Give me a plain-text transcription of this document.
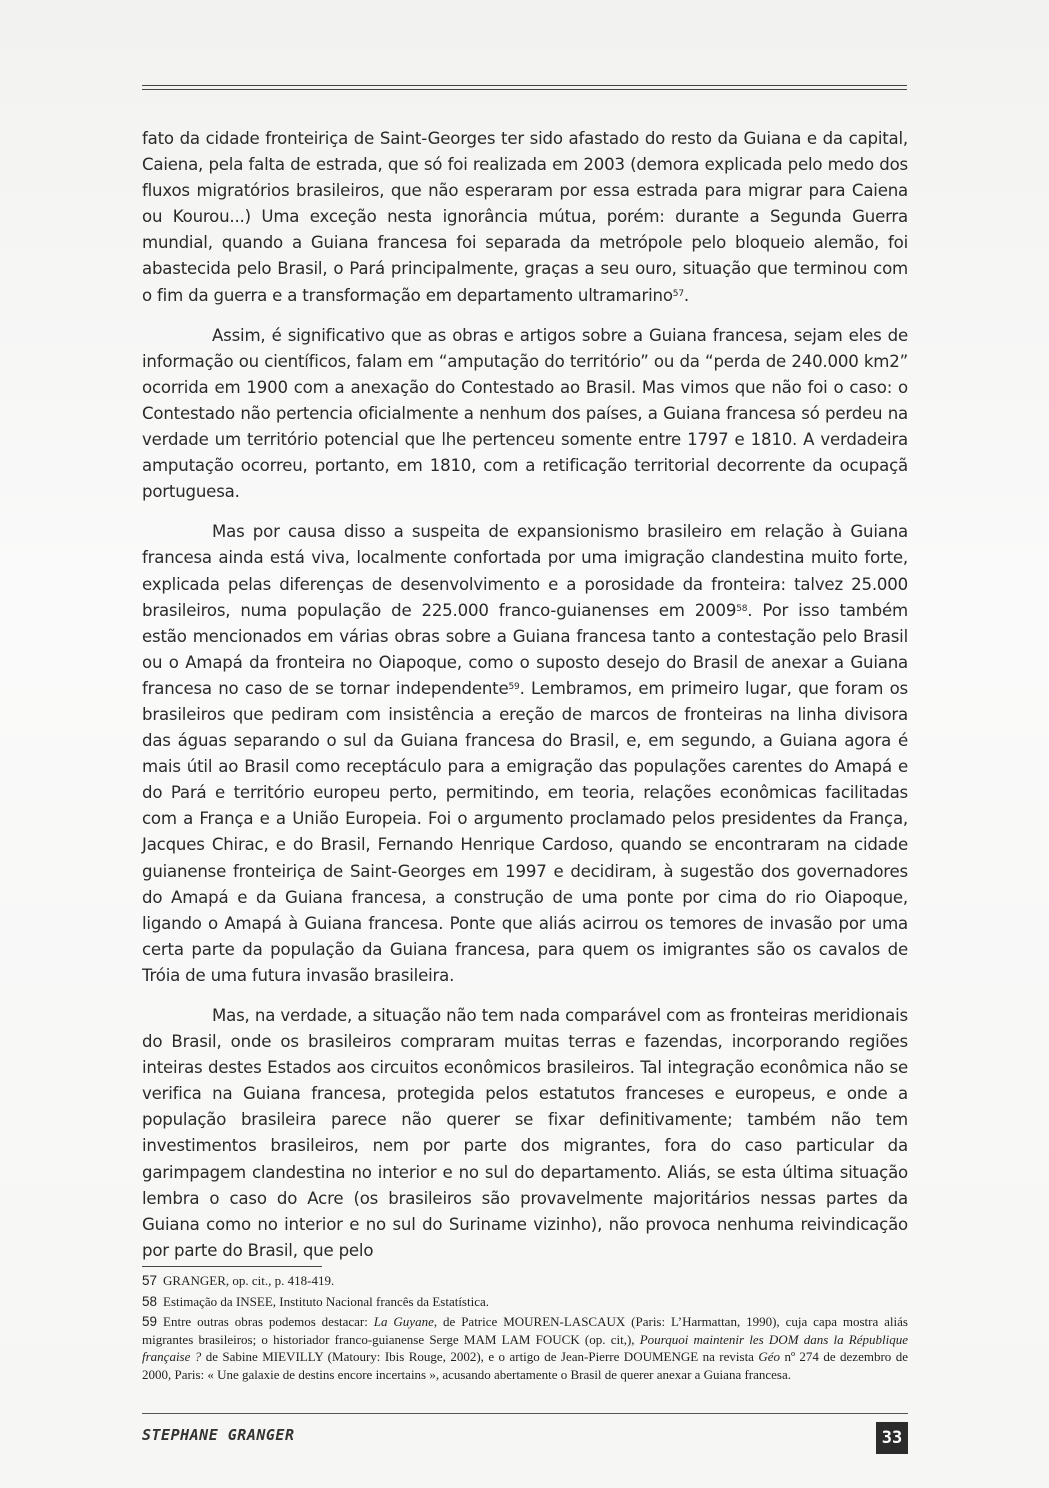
fato da cidade fronteiriça de Saint-Georges ter sido afastado do resto da Guiana e da capital, Caiena, pela falta de estrada, que só foi realizada em 2003 (demora explicada pelo medo dos fluxos migratórios brasileiros, que não esperaram por essa estrada para migrar para Caiena ou Kourou...) Uma exceção nesta ignorância mútua, porém: durante a Segunda Guerra mundial, quando a Guiana francesa foi separada da metrópole pelo bloqueio alemão, foi abastecida pelo Brasil, o Pará principalmente, graças a seu ouro, situação que terminou com o fim da guerra e a transformação em departamento ultramarino$^{57}$.

Assim, é significativo que as obras e artigos sobre a Guiana francesa, sejam eles de informação ou científicos, falam em “amputação do território” ou da “perda de 240.000 km2” ocorrida em 1900 com a anexação do Contestado ao Brasil. Mas vimos que não foi o caso: o Contestado não pertencia oficialmente a nenhum dos países, a Guiana francesa só perdeu na verdade um território potencial que lhe pertenceu somente entre 1797 e 1810. A verdadeira amputação ocorreu, portanto, em 1810, com a retificação territorial decorrente da ocupaçã portuguesa.

Mas por causa disso a suspeita de expansionismo brasileiro em relação à Guiana francesa ainda está viva, localmente confortada por uma imigração clandestina muito forte, explicada pelas diferenças de desenvolvimento e a porosidade da fronteira: talvez 25.000 brasileiros, numa população de 225.000 franco-guianenses em 2009$^{58}$. Por isso também estão mencionados em várias obras sobre a Guiana francesa tanto a contestação pelo Brasil ou o Amapá da fronteira no Oiapoque, como o suposto desejo do Brasil de anexar a Guiana francesa no caso de se tornar independente$^{59}$. Lembramos, em primeiro lugar, que foram os brasileiros que pediram com insistência a ereção de marcos de fronteiras na linha divisora das águas separando o sul da Guiana francesa do Brasil, e, em segundo, a Guiana agora é mais útil ao Brasil como receptáculo para a emigração das populações carentes do Amapá e do Pará e território europeu perto, permitindo, em teoria, relações econômicas facilitadas com a França e a União Europeia. Foi o argumento proclamado pelos presidentes da França, Jacques Chirac, e do Brasil, Fernando Henrique Cardoso, quando se encontraram na cidade guianense fronteiriça de Saint-Georges em 1997 e decidiram, à sugestão dos governadores do Amapá e da Guiana francesa, a construção de uma ponte por cima do rio Oiapoque, ligando o Amapá à Guiana francesa. Ponte que aliás acirrou os temores de invasão por uma certa parte da população da Guiana francesa, para quem os imigrantes são os cavalos de Tróia de uma futura invasão brasileira.

Mas, na verdade, a situação não tem nada comparável com as fronteiras meridionais do Brasil, onde os brasileiros compraram muitas terras e fazendas, incorporando regiões inteiras destes Estados aos circuitos econômicos brasileiros. Tal integração econômica não se verifica na Guiana francesa, protegida pelos estatutos franceses e europeus, e onde a população brasileira parece não querer se fixar definitivamente; também não tem investimentos brasileiros, nem por parte dos migrantes, fora do caso particular da garimpagem clandestina no interior e no sul do departamento. Aliás, se esta última situação lembra o caso do Acre (os brasileiros são provavelmente majoritários nessas partes da Guiana como no interior e no sul do Suriname vizinho), não provoca nenhuma reivindicação por parte do Brasil, que pelo

57 GRANGER, op. cit., p. 418-419.
58 Estimação da INSEE, Instituto Nacional francês da Estatística.
59 Entre outras obras podemos destacar: La Guyane, de Patrice MOUREN-LASCAUX (Paris: L’Harmattan, 1990), cuja capa mostra aliás migrantes brasileiros; o historiador franco-guianense Serge MAM LAM FOUCK (op. cit,), Pourquoi maintenir les DOM dans la République française ? de Sabine MIEVILLY (Matoury: Ibis Rouge, 2002), e o artigo de Jean-Pierre DOUMENGE na revista Géo nº 274 de dezembro de 2000, Paris: « Une galaxie de destins encore incertains », acusando abertamente o Brasil de querer anexar a Guiana francesa.
STEPHANE GRANGER	33
